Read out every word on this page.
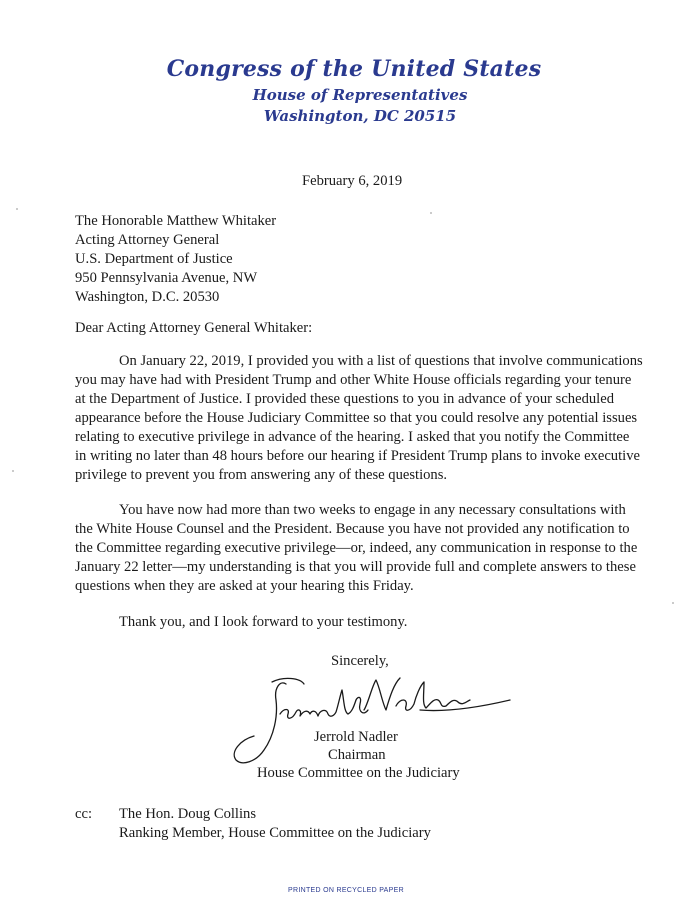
Congress of the United States
House of Representatives
Washington, DC 20515
February 6, 2019
The Honorable Matthew Whitaker
Acting Attorney General
U.S. Department of Justice
950 Pennsylvania Avenue, NW
Washington, D.C. 20530
Dear Acting Attorney General Whitaker:
On January 22, 2019, I provided you with a list of questions that involve communications
you may have had with President Trump and other White House officials regarding your tenure
at the Department of Justice. I provided these questions to you in advance of your scheduled
appearance before the House Judiciary Committee so that you could resolve any potential issues
relating to executive privilege in advance of the hearing. I asked that you notify the Committee
in writing no later than 48 hours before our hearing if President Trump plans to invoke executive
privilege to prevent you from answering any of these questions.
You have now had more than two weeks to engage in any necessary consultations with
the White House Counsel and the President. Because you have not provided any notification to
the Committee regarding executive privilege—or, indeed, any communication in response to the
January 22 letter—my understanding is that you will provide full and complete answers to these
questions when they are asked at your hearing this Friday.
Thank you, and I look forward to your testimony.
Sincerely,
Jerrold Nadler
Chairman
House Committee on the Judiciary
cc: The Hon. Doug Collins
Ranking Member, House Committee on the Judiciary
PRINTED ON RECYCLED PAPER
